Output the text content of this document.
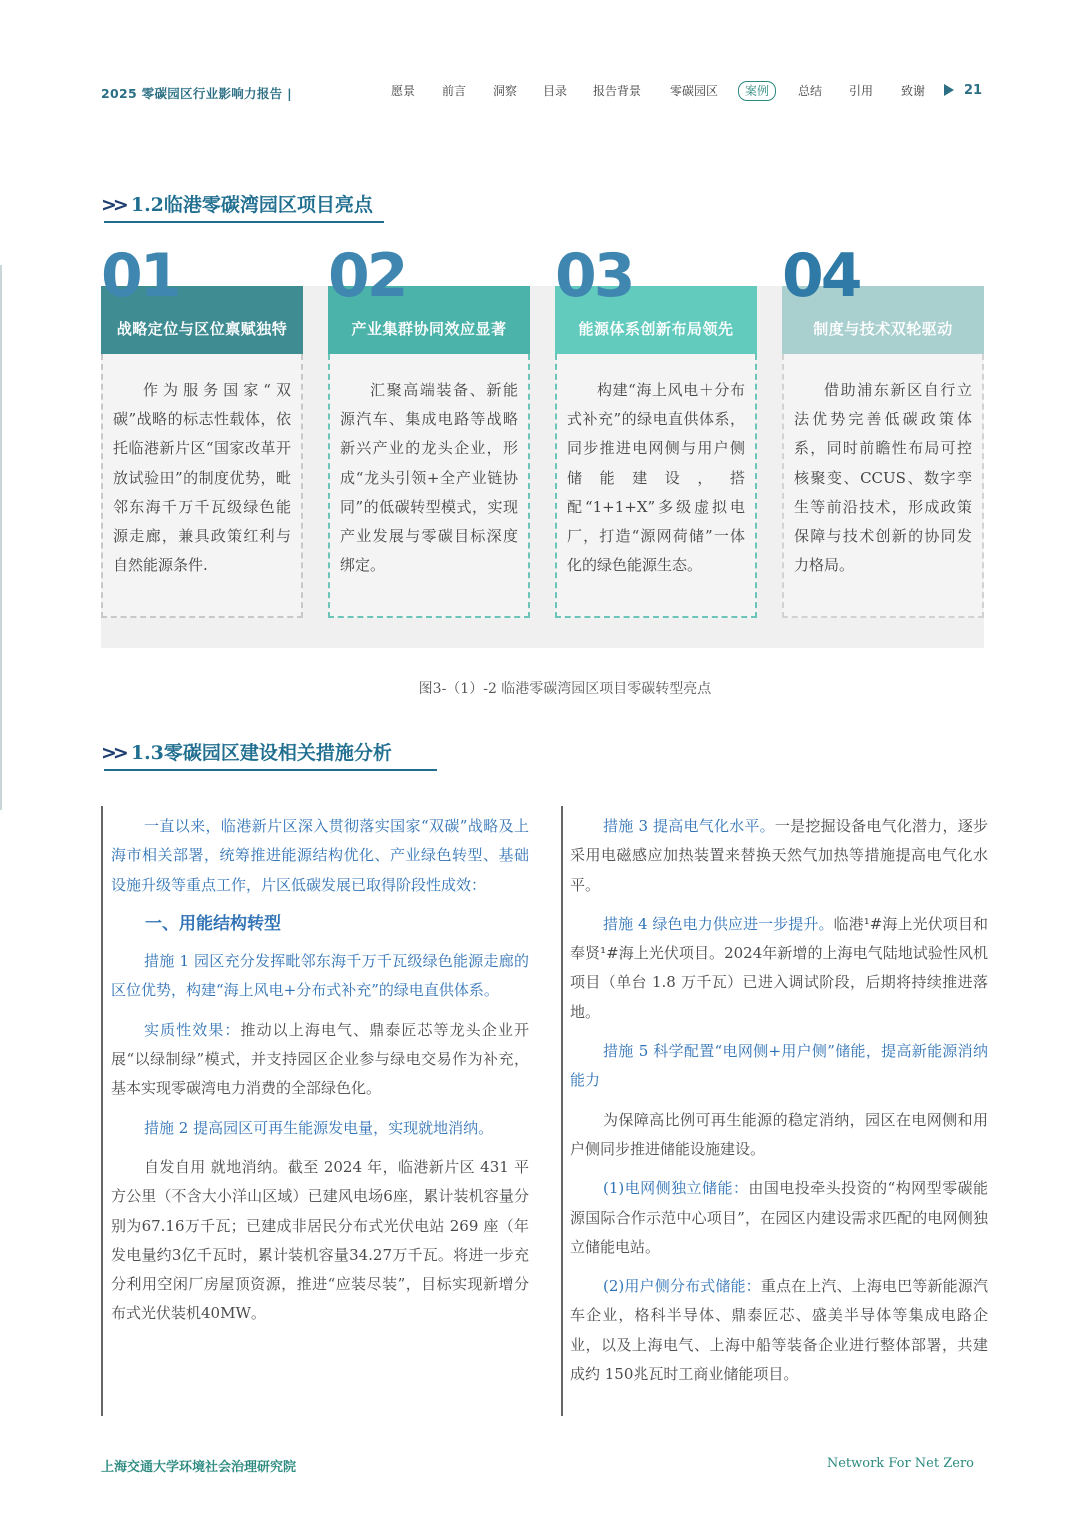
2025 零碳园区行业影响力报告 |	愿景 前言 洞察 目录 报告背景 零碳园区	案例	总结 引用 致谢	21
>> 1.2临港零碳湾园区项目亮点
战略定位与区位禀赋独特
01
作为服务国家“双碳”战略的标志性载体，依托临港新片区“国家改革开放试验田”的制度优势，毗邻东海千万千瓦级绿色能源走廊，兼具政策红利与自然能源条件.
产业集群协同效应显著
02
汇聚高端装备、新能源汽车、集成电路等战略新兴产业的龙头企业，形成“龙头引领+全产业链协同”的低碳转型模式，实现产业发展与零碳目标深度绑定。
能源体系创新布局领先
03
构建“海上风电＋分布式补充”的绿电直供体系，同步推进电网侧与用户侧储能建设，搭配“1+1+X”多级虚拟电厂，打造“源网荷储”一体化的绿色能源生态。
制度与技术双轮驱动
04
借助浦东新区自行立法优势完善低碳政策体系，同时前瞻性布局可控核聚变、CCUS、数字孪生等前沿技术，形成政策保障与技术创新的协同发力格局。
图3-（1）-2 临港零碳湾园区项目零碳转型亮点
>> 1.3零碳园区建设相关措施分析

一直以来，临港新片区深入贯彻落实国家“双碳”战略及上海市相关部署，统筹推进能源结构优化、产业绿色转型、基础设施升级等重点工作，片区低碳发展已取得阶段性成效：

一、用能结构转型

措施 1 园区充分发挥毗邻东海千万千瓦级绿色能源走廊的区位优势，构建“海上风电+分布式补充”的绿电直供体系。

实质性效果：推动以上海电气、鼎泰匠芯等龙头企业开展“以绿制绿”模式，并支持园区企业参与绿电交易作为补充，基本实现零碳湾电力消费的全部绿色化。

措施 2 提高园区可再生能源发电量，实现就地消纳。

自发自用 就地消纳。截至 2024 年，临港新片区 431 平方公里（不含大小洋山区域）已建风电场6座，累计装机容量分别为67.16万千瓦；已建成非居民分布式光伏电站 269 座（年发电量约3亿千瓦时，累计装机容量34.27万千瓦。将进一步充分利用空闲厂房屋顶资源，推进“应装尽装”，目标实现新增分布式光伏装机40MW。

措施 3 提高电气化水平。一是挖掘设备电气化潜力，逐步采用电磁感应加热装置来替换天然气加热等措施提高电气化水平。

措施 4 绿色电力供应进一步提升。临港¹#海上光伏项目和奉贤¹#海上光伏项目。2024年新增的上海电气陆地试验性风机项目（单台 1.8 万千瓦）已进入调试阶段，后期将持续推进落地。

措施 5 科学配置“电网侧+用户侧”储能，提高新能源消纳能力

为保障高比例可再生能源的稳定消纳，园区在电网侧和用户侧同步推进储能设施建设。

(1)电网侧独立储能：由国电投牵头投资的“构网型零碳能源国际合作示范中心项目”，在园区内建设需求匹配的电网侧独立储能电站。

(2)用户侧分布式储能：重点在上汽、上海电巴等新能源汽车企业，格科半导体、鼎泰匠芯、盛美半导体等集成电路企业，以及上海电气、上海中船等装备企业进行整体部署，共建成约 150兆瓦时工商业储能项目。

上海交通大学环境社会治理研究院	Network For Net Zero
